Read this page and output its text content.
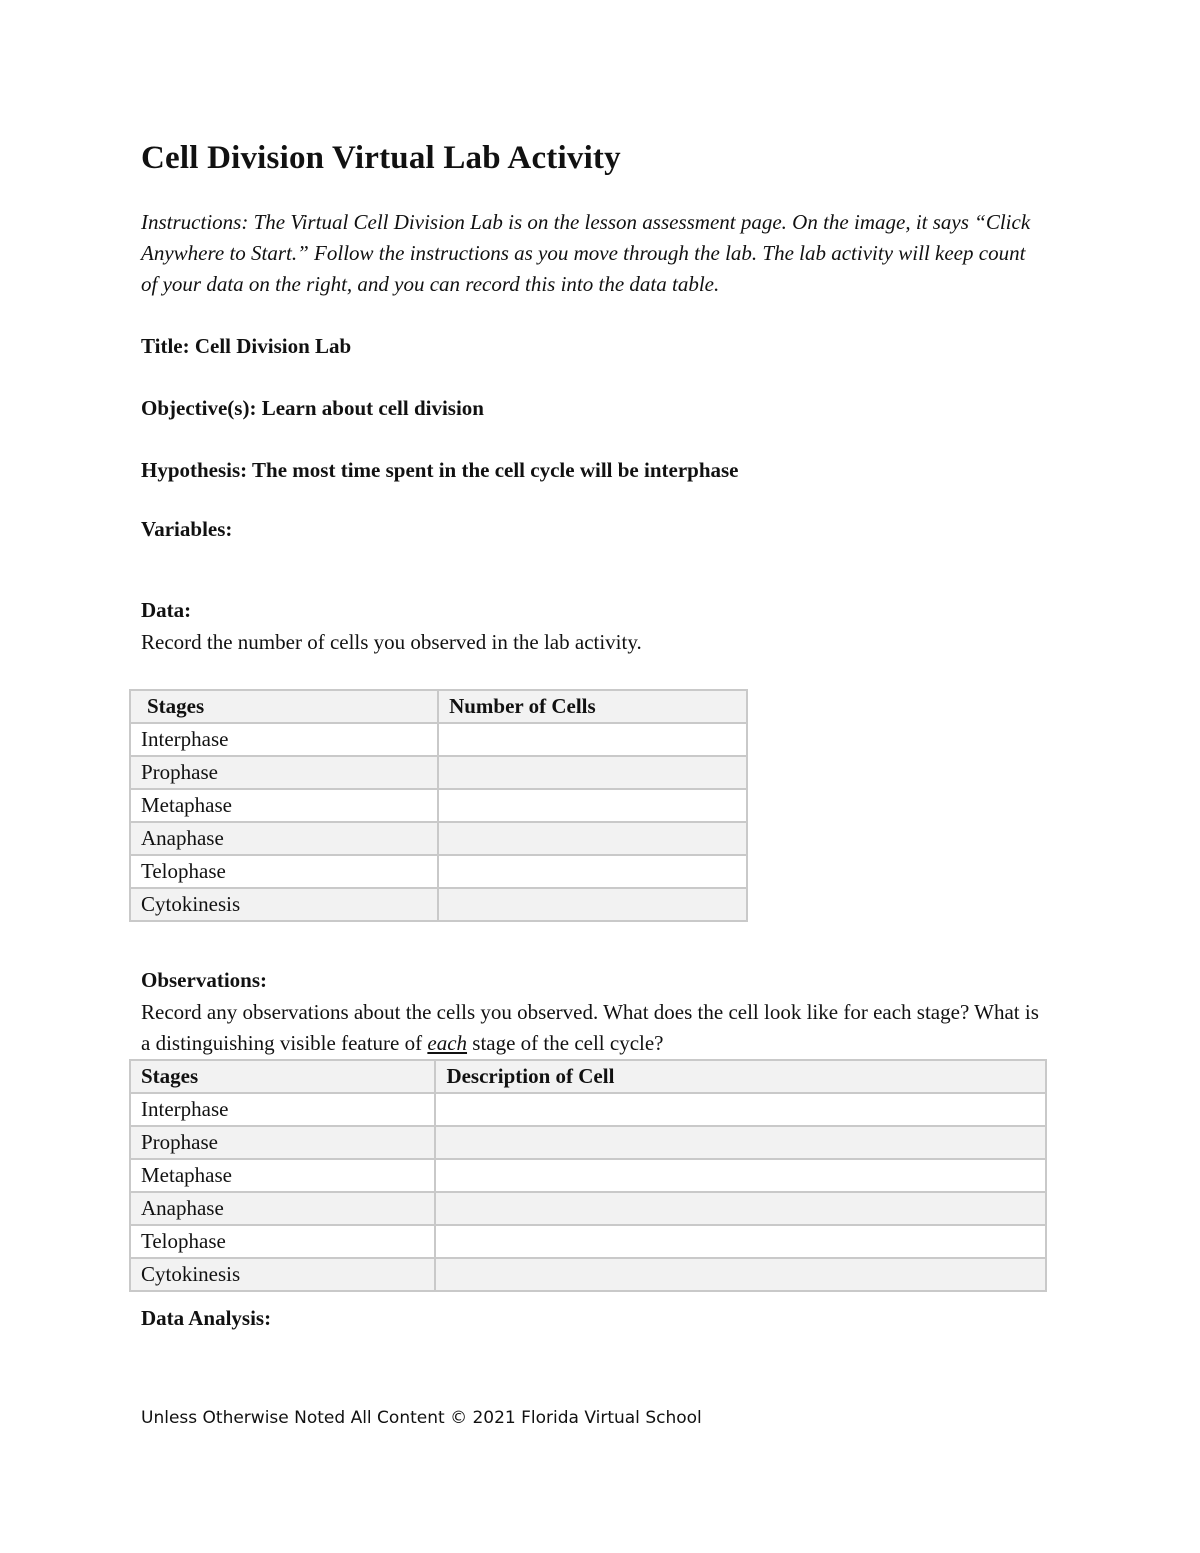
Cell Division Virtual Lab Activity

Instructions: The Virtual Cell Division Lab is on the lesson assessment page. On the image, it says “Click Anywhere to Start.” Follow the instructions as you move through the lab. The lab activity will keep count of your data on the right, and you can record this into the data table.

Title: Cell Division Lab

Objective(s): Learn about cell division

Hypothesis: The most time spent in the cell cycle will be interphase

Variables:

Data:

Record the number of cells you observed in the lab activity.

Stages	Number of Cells
Interphase	
Prophase	
Metaphase	
Anaphase	
Telophase	
Cytokinesis	

Observations:

Record any observations about the cells you observed. What does the cell look like for each stage? What is a distinguishing visible feature of each stage of the cell cycle?

Stages	Description of Cell
Interphase	
Prophase	
Metaphase	
Anaphase	
Telophase	
Cytokinesis	

Data Analysis:

Unless Otherwise Noted All Content © 2021 Florida Virtual School
